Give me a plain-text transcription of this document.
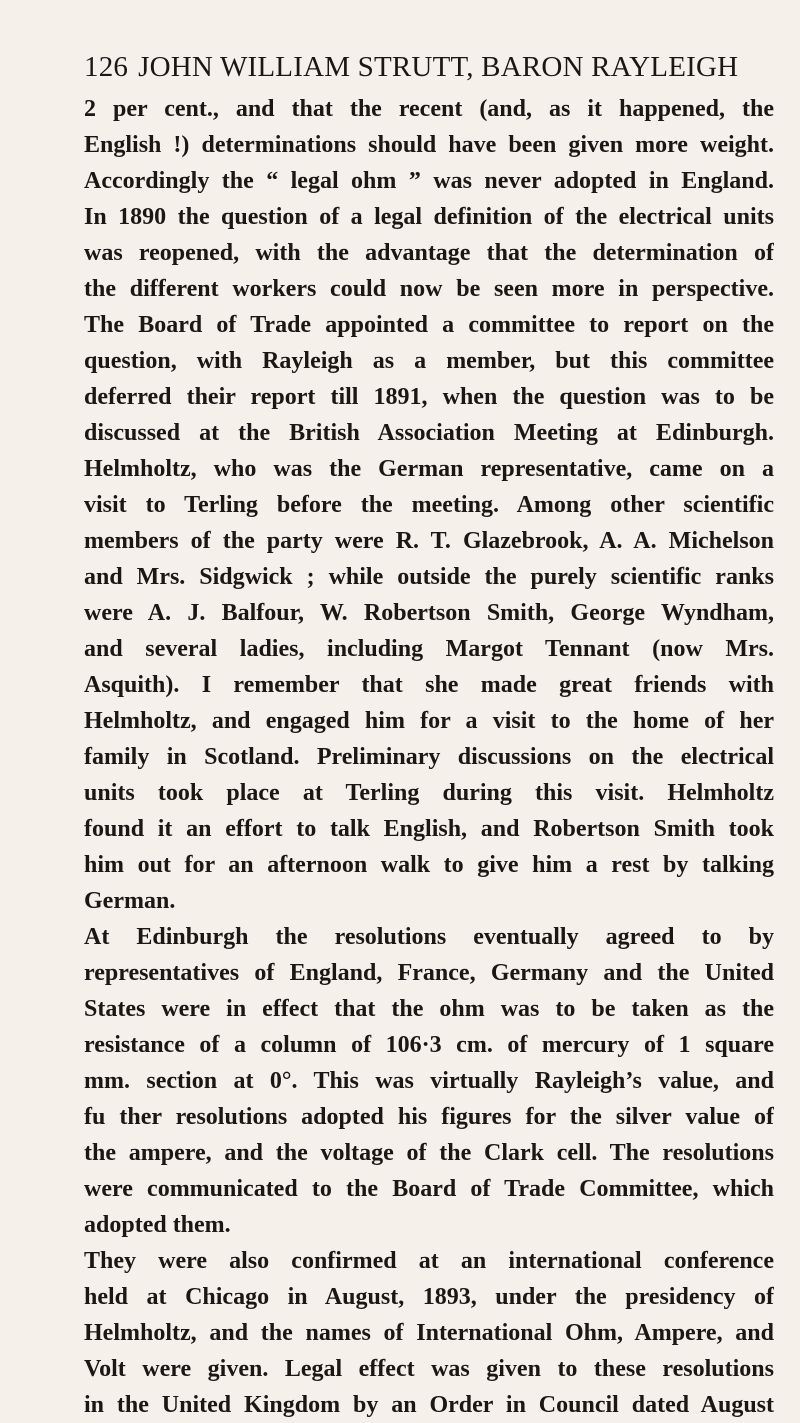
126 JOHN WILLIAM STRUTT, BARON RAYLEIGH
2 per cent., and that the recent (and, as it happened, the
English !) determinations should have been given more weight.
Accordingly the “ legal ohm ” was never adopted in England.
In 1890 the question of a legal definition of the electrical units
was reopened, with the advantage that the determination of
the different workers could now be seen more in perspective.
The Board of Trade appointed a committee to report on the
question, with Rayleigh as a member, but this committee
deferred their report till 1891, when the question was to be
discussed at the British Association Meeting at Edinburgh.
Helmholtz, who was the German representative, came on a
visit to Terling before the meeting. Among other scientific
members of the party were R. T. Glazebrook, A. A. Michelson
and Mrs. Sidgwick ; while outside the purely scientific ranks
were A. J. Balfour, W. Robertson Smith, George Wyndham,
and several ladies, including Margot Tennant (now Mrs.
Asquith). I remember that she made great friends with
Helmholtz, and engaged him for a visit to the home of her
family in Scotland. Preliminary discussions on the electrical
units took place at Terling during this visit. Helmholtz
found it an effort to talk English, and Robertson Smith took
him out for an afternoon walk to give him a rest by talking
German.
At Edinburgh the resolutions eventually agreed to by
representatives of England, France, Germany and the United
States were in effect that the ohm was to be taken as the
resistance of a column of 106·3 cm. of mercury of 1 square
mm. section at 0°. This was virtually Rayleigh’s value, and
fu ther resolutions adopted his figures for the silver value of
the ampere, and the voltage of the Clark cell. The resolutions
were communicated to the Board of Trade Committee, which
adopted them.
They were also confirmed at an international conference
held at Chicago in August, 1893, under the presidency of
Helmholtz, and the names of International Ohm, Ampere, and
Volt were given. Legal effect was given to these resolutions
in the United Kingdom by an Order in Council dated August
